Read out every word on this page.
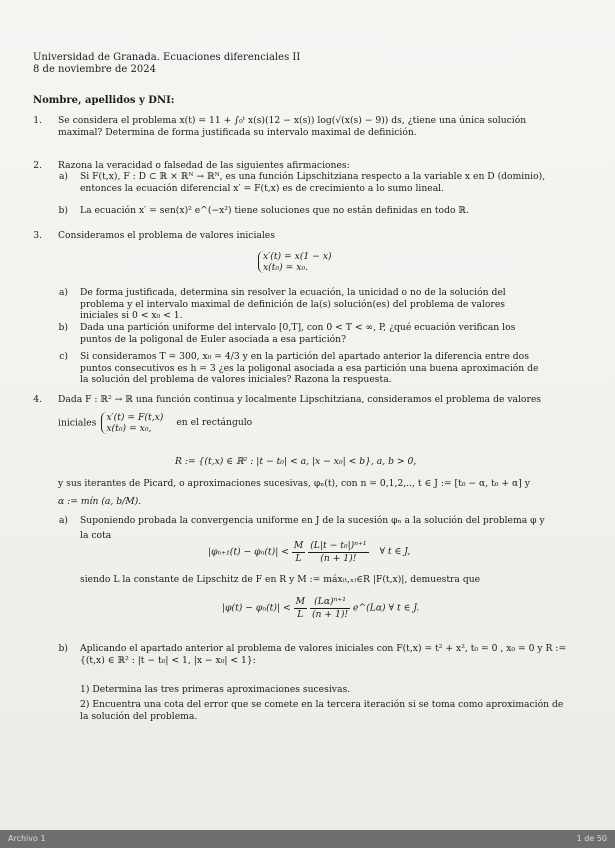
Universidad de Granada. Ecuaciones diferenciales II
8 de noviembre de 2024
Nombre, apellidos y DNI:
1. Se considera el problema x(t) = 11 + ∫₀ᵗ x(s)(12 − x(s)) log(√(x(s) − 9)) ds, ¿tiene una única solución maximal? Determina de forma justificada su intervalo maximal de definición.
2. Razona la veracidad o falsedad de las siguientes afirmaciones:
a) Si F(t,x), F : D ⊂ ℝ × ℝᴺ → ℝᴺ, es una función Lipschitziana respecto a la variable x en D (dominio), entonces la ecuación diferencial x′ = F(t,x) es de crecimiento a lo sumo lineal.
b) La ecuación x′ = sen(x)² e^(−x²) tiene soluciones que no están definidas en todo ℝ.
3. Consideramos el problema de valores iniciales
x′(t) = x(1 − x)
x(t₀) = x₀.
a) De forma justificada, determina sin resolver la ecuación, la unicidad o no de la solución del problema y el intervalo maximal de definición de la(s) solución(es) del problema de valores iniciales si 0 < x₀ < 1.
b) Dada una partición uniforme del intervalo [0,T], con 0 < T < ∞, P, ¿qué ecuación verifican los puntos de la poligonal de Euler asociada a esa partición?
c) Si consideramos T = 300, x₀ = 4/3 y en la partición del apartado anterior la diferencia entre dos puntos consecutivos es h = 3 ¿es la poligonal asociada a esa partición una buena aproximación de la solución del problema de valores iniciales? Razona la respuesta.
4. Dada F : ℝ² → ℝ una función continua y localmente Lipschitziana, consideramos el problema de valores
iniciales x′(t) = F(t,x)
x(t₀) = x₀,
en el rectángulo
R := {(t,x) ∈ ℝ² : |t − t₀| < a, |x − x₀| < b}, a, b > 0,
y sus iterantes de Picard, o aproximaciones sucesivas, φₙ(t), con n = 0,1,2,.., t ∈ J := [t₀ − α, t₀ + α] y
α := mín (a, b/M).
a) Suponiendo probada la convergencia uniforme en J de la sucesión φₙ a la solución del problema φ y
la cota
$|\varphi_{n+1}(t) - \varphi_n(t)| < \frac{M}{L}$
$\frac{\text{(L|t − t₀|)ⁿ⁺¹}}{(n + 1)!}$ ∀ t ∈ J,
siendo L la constante de Lipschitz de F en R y M := máx₍ₜ,ₓ₎∈R |F(t,x)|, demuestra que
$|\varphi(t) - \varphi_n(t)| < \frac{M}{L}$
$\frac{\text{(Lα)ⁿ⁺¹}}{(n + 1)!}$ e^(Lα) ∀ t ∈ J.
b) Aplicando el apartado anterior al problema de valores iniciales con F(t,x) = t² + x², t₀ = 0 , x₀ = 0 y R := {(t,x) ∈ ℝ² : |t − t₀| < 1, |x − x₀| < 1}:
1) Determina las tres primeras aproximaciones sucesivas.
2) Encuentra una cota del error que se comete en la tercera iteración si se toma como aproximación de la solución del problema.
Archivo 1	1 de 50
